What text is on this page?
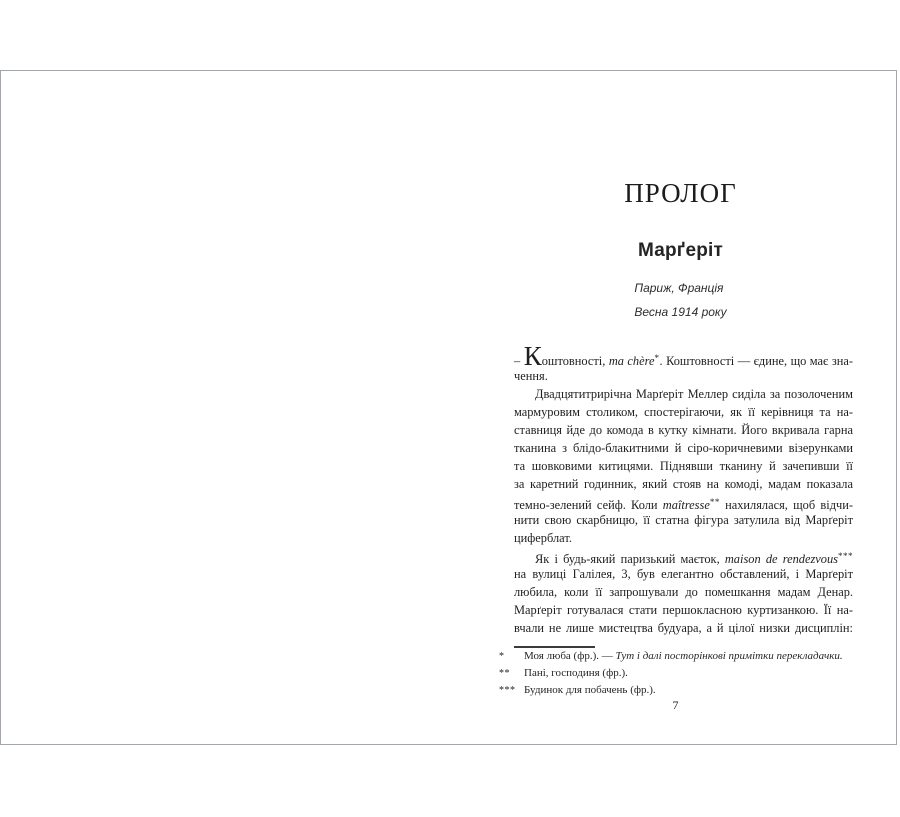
ПРОЛОГ
Марґеріт
Париж, Франція
Весна 1914 року
– Коштовності, ma chère*. Коштовності — єдине, що має зна-
чення.
Двадцятитрирічна Марґеріт Меллер сиділа за позолоченим
мармуровим столиком, спостерігаючи, як її керівниця та на-
ставниця йде до комода в кутку кімнати. Його вкривала гарна
тканина з блідо-блакитними й сіро-коричневими візерунками
та шовковими китицями. Піднявши тканину й зачепивши її
за каретний годинник, який стояв на комоді, мадам показала
темно-зелений сейф. Коли maîtresse** нахилялася, щоб відчи-
нити свою скарбницю, її статна фігура затулила від Марґеріт
циферблат.
Як і будь-який паризький маєток, maison de rendezvous***
на вулиці Галілея, 3, був елегантно обставлений, і Марґеріт
любила, коли її запрошували до помешкання мадам Денар.
Марґеріт готувалася стати першокласною куртизанкою. Її на-
вчали не лише мистецтва будуара, а й цілої низки дисциплін:
*	Моя люба (фр.). — Тут і далі посторінкові примітки перекладачки.
**	Пані, господиня (фр.).
*** Будинок для побачень (фр.).
7
